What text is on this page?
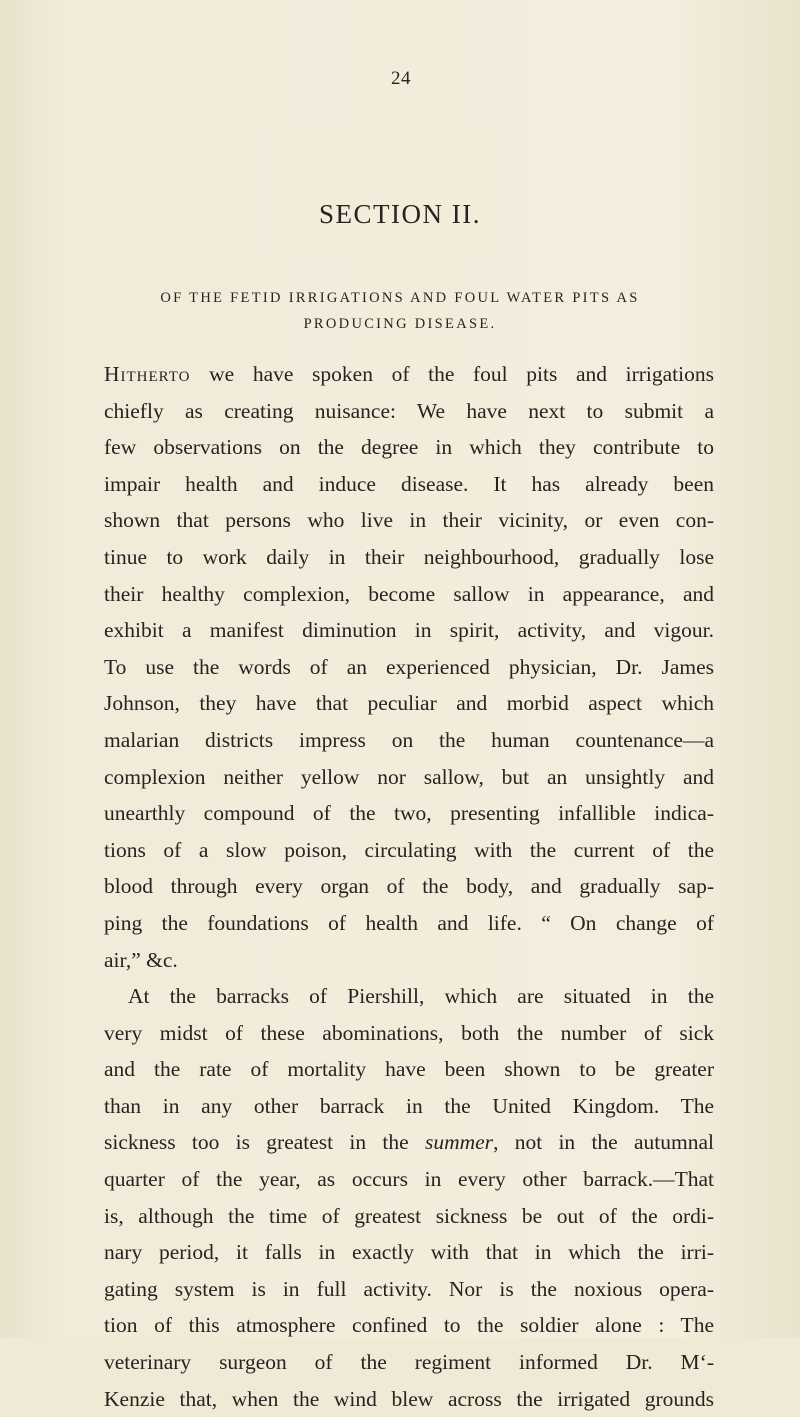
24
SECTION II.
OF THE FETID IRRIGATIONS AND FOUL WATER PITS AS
PRODUCING DISEASE.
Hitherto we have spoken of the foul pits and irrigations
chiefly as creating nuisance: We have next to submit a
few observations on the degree in which they contribute to
impair health and induce disease. It has already been
shown that persons who live in their vicinity, or even con-
tinue to work daily in their neighbourhood, gradually lose
their healthy complexion, become sallow in appearance, and
exhibit a manifest diminution in spirit, activity, and vigour.
To use the words of an experienced physician, Dr. James
Johnson, they have that peculiar and morbid aspect which
malarian districts impress on the human countenance—a
complexion neither yellow nor sallow, but an unsightly and
unearthly compound of the two, presenting infallible indica-
tions of a slow poison, circulating with the current of the
blood through every organ of the body, and gradually sap-
ping the foundations of health and life. “ On change of
air,” &c.
At the barracks of Piershill, which are situated in the
very midst of these abominations, both the number of sick
and the rate of mortality have been shown to be greater
than in any other barrack in the United Kingdom. The
sickness too is greatest in the summer, not in the autumnal
quarter of the year, as occurs in every other barrack.—That
is, although the time of greatest sickness be out of the ordi-
nary period, it falls in exactly with that in which the irri-
gating system is in full activity. Nor is the noxious opera-
tion of this atmosphere confined to the soldier alone : The
veterinary surgeon of the regiment informed Dr. M‘-
Kenzie that, when the wind blew across the irrigated grounds
